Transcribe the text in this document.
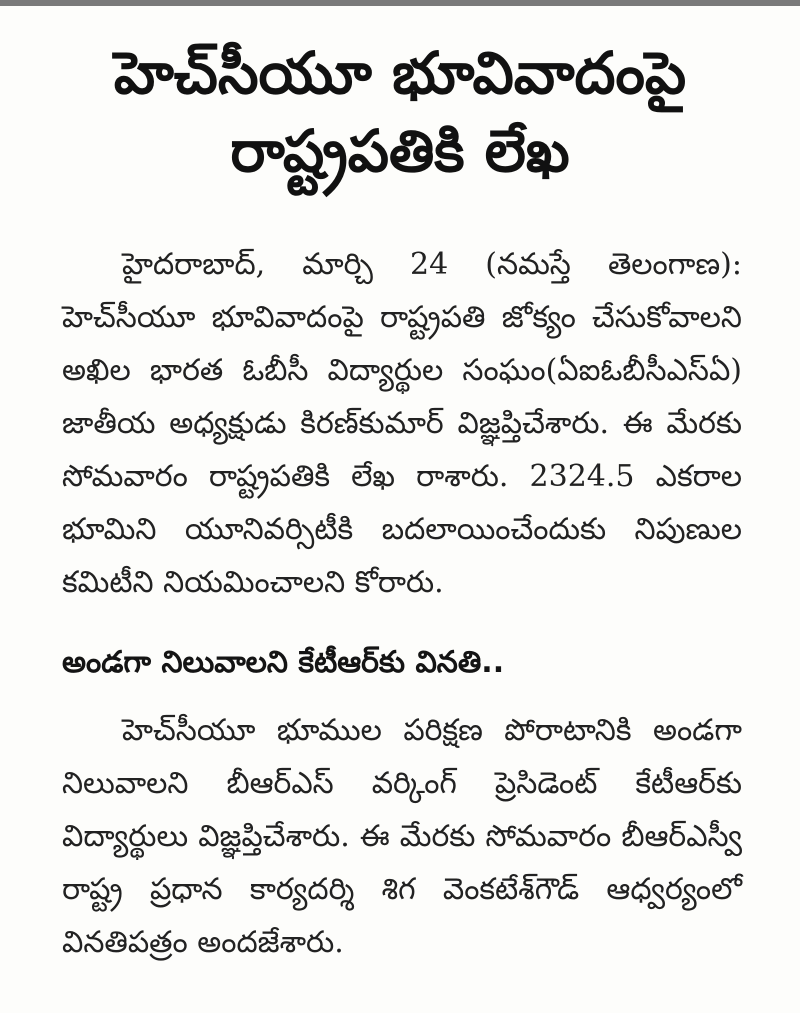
హెచ్‌సీయూ భూవివాదంపై
రాష్ట్రపతికి లేఖ

హైదరాబాద్, మార్చి 24 (నమస్తే తెలంగాణ): హెచ్‌సీయూ భూవివాదంపై రాష్ట్రపతి జోక్యం చేసుకోవాలని అఖిల భారత ఓబీసీ విద్యార్థుల సంఘం(ఏఐఓబీసీఎస్‌ఏ) జాతీయ అధ్యక్షుడు కిరణ్‌కుమార్ విజ్ఞప్తిచేశారు. ఈ మేరకు సోమవారం రాష్ట్రపతికి లేఖ రాశారు. 2324.5 ఎకరాల భూమిని యూనివర్సిటీకి బదలాయించేందుకు నిపుణుల కమిటీని నియమించాలని కోరారు.

అండగా నిలువాలని కేటీఆర్‌కు వినతి..

హెచ్‌సీయూ భూముల పరిక్షణ పోరాటానికి అండగా నిలువాలని బీఆర్‌ఎస్ వర్కింగ్ ప్రెసిడెంట్ కేటీఆర్‌కు విద్యార్థులు విజ్ఞప్తిచేశారు. ఈ మేరకు సోమవారం బీఆర్‌ఎస్వీ రాష్ట్ర ప్రధాన కార్యదర్శి శిగ వెంకటేశ్‌గౌడ్ ఆధ్వర్యంలో వినతిపత్రం అందజేశారు.
